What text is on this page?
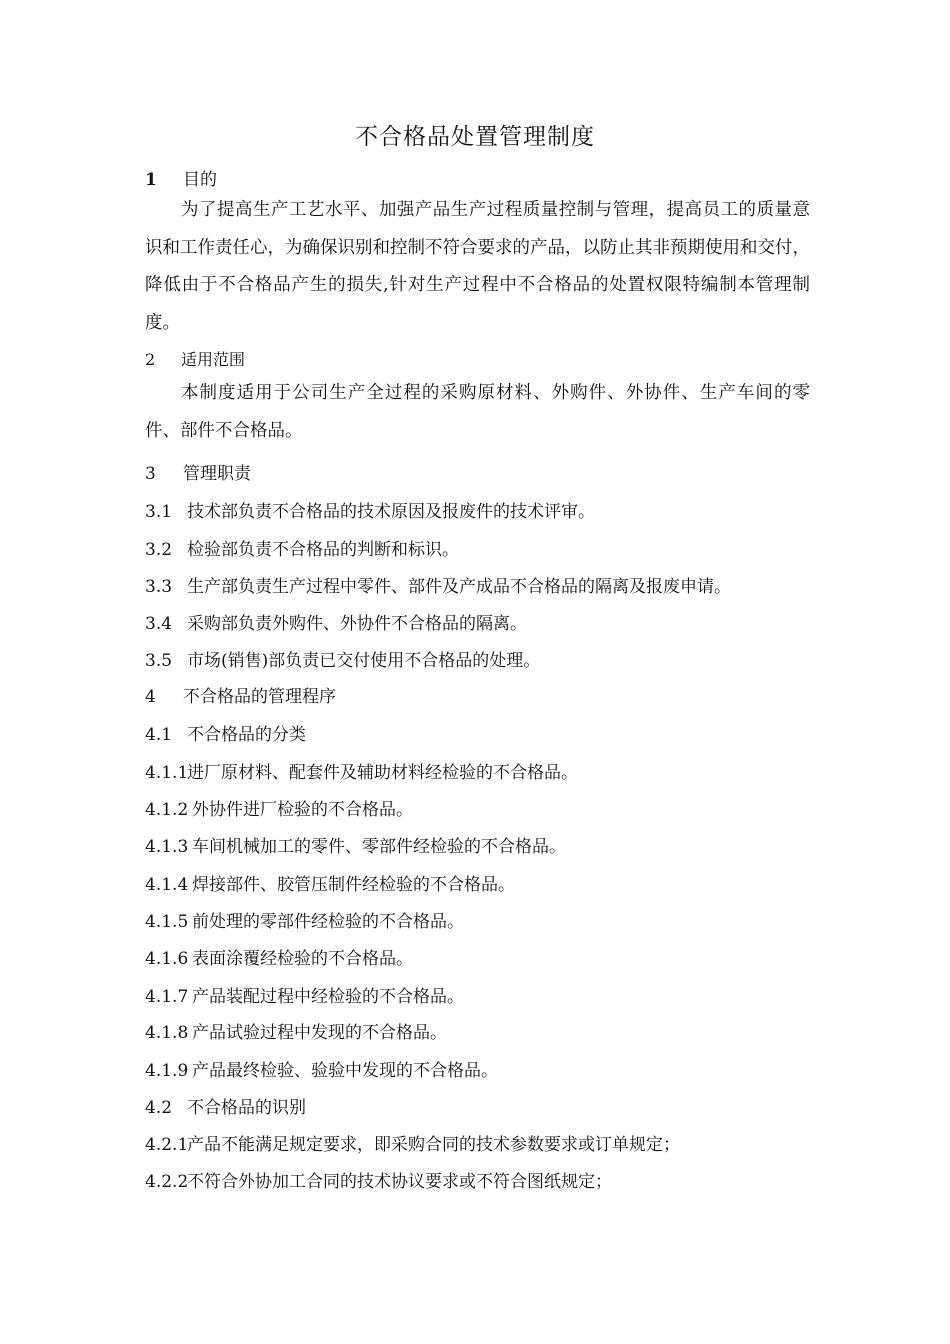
不合格品处置管理制度
1 目的
为了提高生产工艺水平、加强产品生产过程质量控制与管理，提高员工的质量意识和工作责任心，为确保识别和控制不符合要求的产品，以防止其非预期使用和交付，降低由于不合格品产生的损失,针对生产过程中不合格品的处置权限特编制本管理制度。
2 适用范围
本制度适用于公司生产全过程的采购原材料、外购件、外协件、生产车间的零件、部件不合格品。
3 管理职责
3.1 技术部负责不合格品的技术原因及报废件的技术评审。
3.2 检验部负责不合格品的判断和标识。
3.3 生产部负责生产过程中零件、部件及产成品不合格品的隔离及报废申请。
3.4 采购部负责外购件、外协件不合格品的隔离。
3.5 市场(销售)部负责已交付使用不合格品的处理。
4 不合格品的管理程序
4.1 不合格品的分类
4.1.1进厂原材料、配套件及辅助材料经检验的不合格品。
4.1.2 外协件进厂检验的不合格品。
4.1.3 车间机械加工的零件、零部件经检验的不合格品。
4.1.4 焊接部件、胶管压制件经检验的不合格品。
4.1.5 前处理的零部件经检验的不合格品。
4.1.6 表面涂覆经检验的不合格品。
4.1.7 产品装配过程中经检验的不合格品。
4.1.8 产品试验过程中发现的不合格品。
4.1.9 产品最终检验、验验中发现的不合格品。
4.2 不合格品的识别
4.2.1产品不能满足规定要求，即采购合同的技术参数要求或订单规定；
4.2.2不符合外协加工合同的技术协议要求或不符合图纸规定；
